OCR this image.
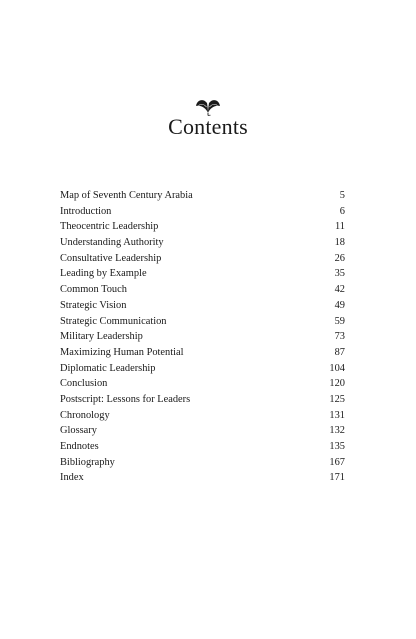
Contents
Map of Seventh Century Arabia	5
Introduction	6
Theocentric Leadership	11
Understanding Authority	18
Consultative Leadership	26
Leading by Example	35
Common Touch	42
Strategic Vision	49
Strategic Communication	59
Military Leadership	73
Maximizing Human Potential	87
Diplomatic Leadership	104
Conclusion	120
Postscript: Lessons for Leaders	125
Chronology	131
Glossary	132
Endnotes	135
Bibliography	167
Index	171
